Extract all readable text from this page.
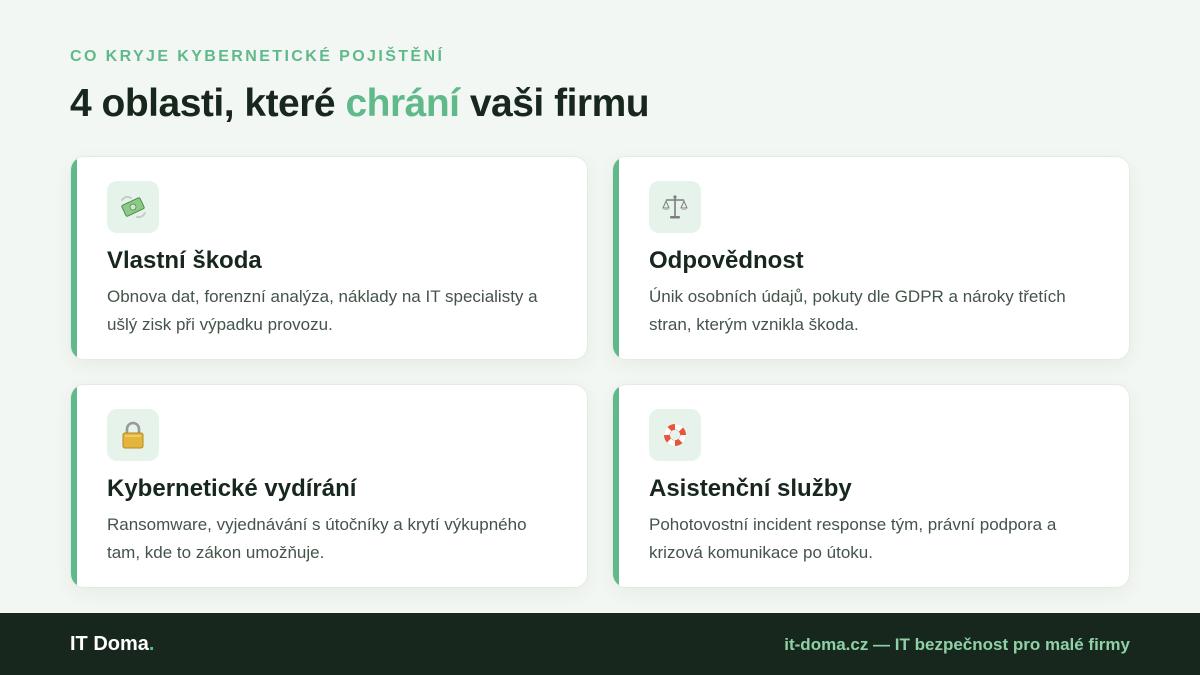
CO KRYJE KYBERNETICKÉ POJIŠTĚNÍ
4 oblasti, které chrání vaši firmu
Vlastní škoda
Obnova dat, forenzní analýza, náklady na IT specialisty a ušlý zisk při výpadku provozu.
Odpovědnost
Únik osobních údajů, pokuty dle GDPR a nároky třetích stran, kterým vznikla škoda.
Kybernetické vydírání
Ransomware, vyjednávání s útočníky a krytí výkupného tam, kde to zákon umožňuje.
Asistenční služby
Pohotovostní incident response tým, právní podpora a krizová komunikace po útoku.
IT Doma.	it-doma.cz — IT bezpečnost pro malé firmy
